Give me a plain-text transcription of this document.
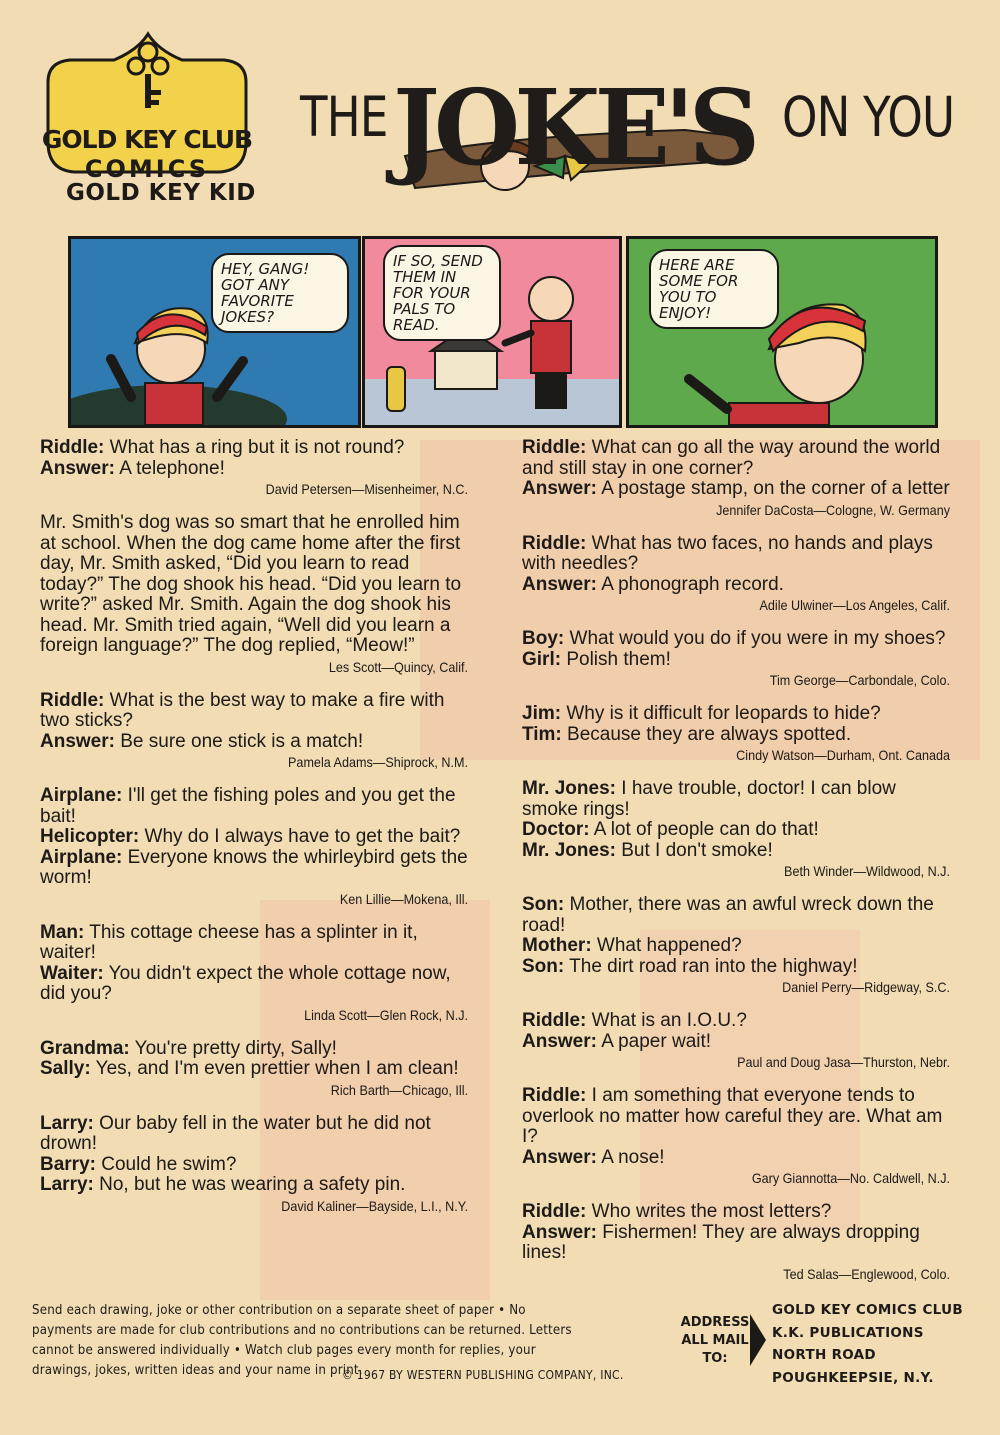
GOLD KEY CLUB
COMICS
GOLD KEY KID
THE JOKE'S ON YOU
HEY, GANG! GOT ANY FAVORITE JOKES?
IF SO, SEND THEM IN FOR YOUR PALS TO READ.
HERE ARE SOME FOR YOU TO ENJOY!
Riddle: What has a ring but it is not round?
Answer: A telephone!
David Petersen—Misenheimer, N.C.
Mr. Smith's dog was so smart that he enrolled him at school. When the dog came home after the first day, Mr. Smith asked, “Did you learn to read today?” The dog shook his head. “Did you learn to write?” asked Mr. Smith. Again the dog shook his head. Mr. Smith tried again, “Well did you learn a foreign language?” The dog replied, “Meow!”
Les Scott—Quincy, Calif.
Riddle: What is the best way to make a fire with two sticks?
Answer: Be sure one stick is a match!
Pamela Adams—Shiprock, N.M.
Airplane: I'll get the fishing poles and you get the bait!
Helicopter: Why do I always have to get the bait?
Airplane: Everyone knows the whirleybird gets the worm!
Ken Lillie—Mokena, Ill.
Man: This cottage cheese has a splinter in it, waiter!
Waiter: You didn't expect the whole cottage now, did you?
Linda Scott—Glen Rock, N.J.
Grandma: You're pretty dirty, Sally!
Sally: Yes, and I'm even prettier when I am clean!
Rich Barth—Chicago, Ill.
Larry: Our baby fell in the water but he did not drown!
Barry: Could he swim?
Larry: No, but he was wearing a safety pin.
David Kaliner—Bayside, L.I., N.Y.
Riddle: What can go all the way around the world and still stay in one corner?
Answer: A postage stamp, on the corner of a letter
Jennifer DaCosta—Cologne, W. Germany
Riddle: What has two faces, no hands and plays with needles?
Answer: A phonograph record.
Adile Ulwiner—Los Angeles, Calif.
Boy: What would you do if you were in my shoes?
Girl: Polish them!
Tim George—Carbondale, Colo.
Jim: Why is it difficult for leopards to hide?
Tim: Because they are always spotted.
Cindy Watson—Durham, Ont. Canada
Mr. Jones: I have trouble, doctor! I can blow smoke rings!
Doctor: A lot of people can do that!
Mr. Jones: But I don't smoke!
Beth Winder—Wildwood, N.J.
Son: Mother, there was an awful wreck down the road!
Mother: What happened?
Son: The dirt road ran into the highway!
Daniel Perry—Ridgeway, S.C.
Riddle: What is an I.O.U.?
Answer: A paper wait!
Paul and Doug Jasa—Thurston, Nebr.
Riddle: I am something that everyone tends to overlook no matter how careful they are. What am I?
Answer: A nose!
Gary Giannotta—No. Caldwell, N.J.
Riddle: Who writes the most letters?
Answer: Fishermen! They are always dropping lines!
Ted Salas—Englewood, Colo.
Send each drawing, joke or other contribution on a separate sheet of paper • No payments are made for club contributions and no contributions can be returned. Letters cannot be answered individually • Watch club pages every month for replies, your drawings, jokes, written ideas and your name in print.
© 1967 BY WESTERN PUBLISHING COMPANY, INC.
ADDRESS ALL MAIL TO:
GOLD KEY COMICS CLUB
K.K. PUBLICATIONS
NORTH ROAD
POUGHKEEPSIE, N.Y.
